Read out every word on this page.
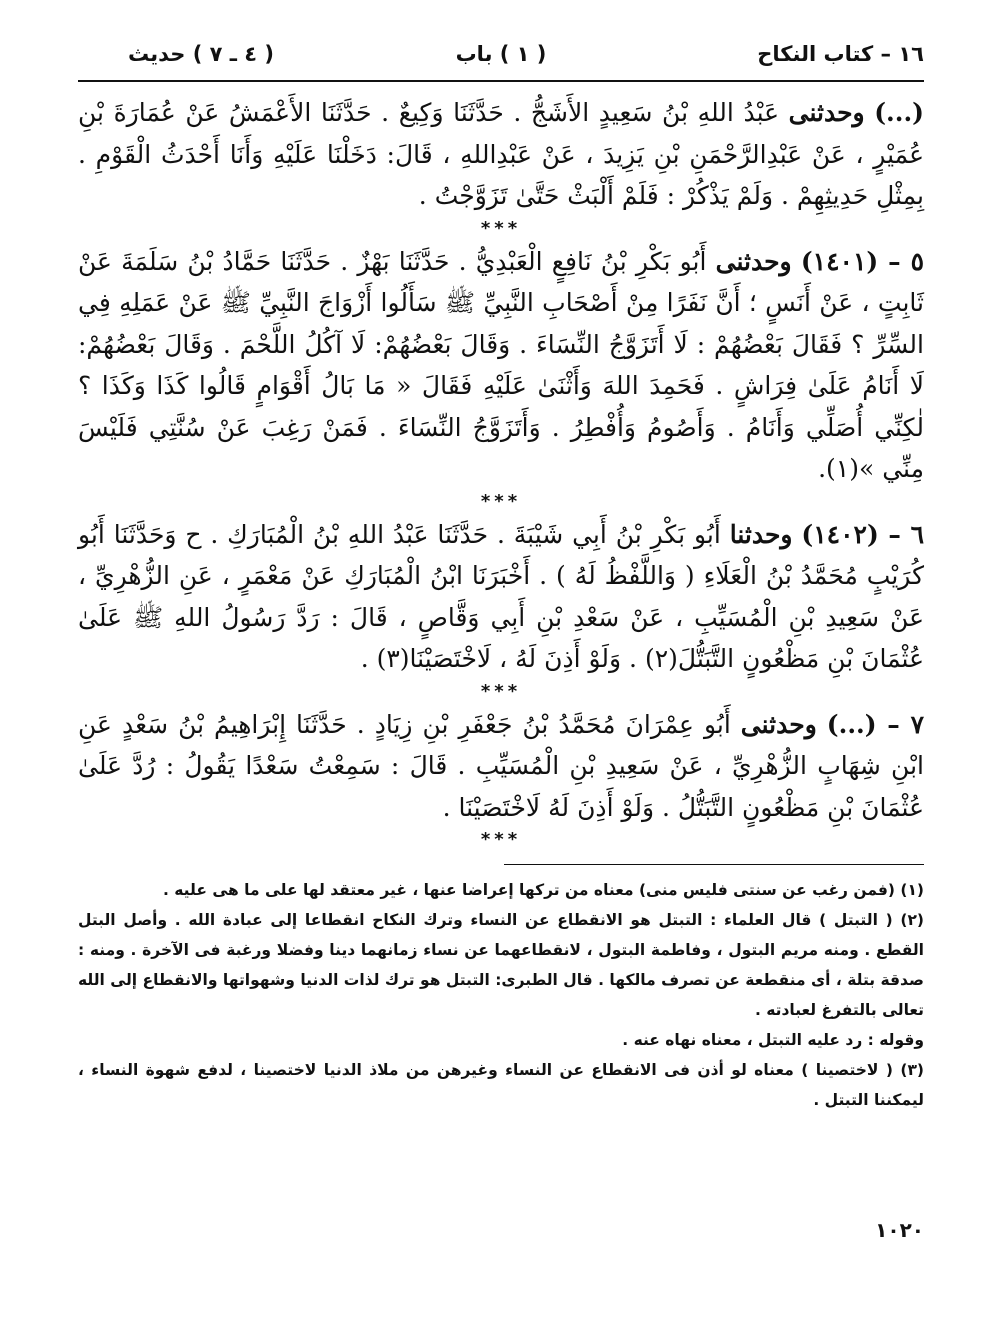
١٦ – كتاب النكاح
( ١ ) باب
( ٤ ـ ٧ ) حديث

(...) وحدثنى عَبْدُ اللهِ بْنُ سَعِيدٍ الأَشَجُّ . حَدَّثَنَا وَكِيعٌ . حَدَّثَنَا الأَعْمَشُ عَنْ عُمَارَةَ بْنِ عُمَيْرٍ ، عَنْ عَبْدِالرَّحْمَنِ بْنِ يَزِيدَ ، عَنْ عَبْدِاللهِ ، قَالَ: دَخَلْنَا عَلَيْهِ وَأَنَا أَحْدَثُ الْقَوْمِ . بِمِثْلِ حَدِيثِهِمْ . وَلَمْ يَذْكُرْ : فَلَمْ أَلْبَثْ حَتَّىٰ تَزَوَّجْتُ .

***

٥ – (١٤٠١) وحدثنى أَبُو بَكْرِ بْنُ نَافِعٍ الْعَبْدِيُّ . حَدَّثَنَا بَهْزٌ . حَدَّثَنَا حَمَّادُ بْنُ سَلَمَةَ عَنْ ثَابِتٍ ، عَنْ أَنَسٍ ؛ أَنَّ نَفَرًا مِنْ أَصْحَابِ النَّبِيِّ ﷺ سَأَلُوا أَزْوَاجَ النَّبِيِّ ﷺ عَنْ عَمَلِهِ فِي السِّرِّ ؟ فَقَالَ بَعْضُهُمْ : لَا أَتَزَوَّجُ النِّسَاءَ . وَقَالَ بَعْضُهُمْ: لَا آكُلُ اللَّحْمَ . وَقَالَ بَعْضُهُمْ: لَا أَنَامُ عَلَىٰ فِرَاشٍ . فَحَمِدَ اللهَ وَأَثْنَىٰ عَلَيْهِ فَقَالَ « مَا بَالُ أَقْوَامٍ قَالُوا كَذَا وَكَذَا ؟ لٰكِنِّي أُصَلِّي وَأَنَامُ . وَأَصُومُ وَأُفْطِرُ . وَأَتَزَوَّجُ النِّسَاءَ . فَمَنْ رَغِبَ عَنْ سُنَّتِي فَلَيْسَ مِنِّي »(١).

***

٦ – (١٤٠٢) وحدثنا أَبُو بَكْرِ بْنُ أَبِي شَيْبَةَ . حَدَّثَنَا عَبْدُ اللهِ بْنُ الْمُبَارَكِ . ح وَحَدَّثَنَا أَبُو كُرَيْبٍ مُحَمَّدُ بْنُ الْعَلَاءِ ( وَاللَّفْظُ لَهُ ) . أَخْبَرَنَا ابْنُ الْمُبَارَكِ عَنْ مَعْمَرٍ ، عَنِ الزُّهْرِيِّ ، عَنْ سَعِيدِ بْنِ الْمُسَيِّبِ ، عَنْ سَعْدِ بْنِ أَبِي وَقَّاصٍ ، قَالَ : رَدَّ رَسُولُ اللهِ ﷺ عَلَىٰ عُثْمَانَ بْنِ مَظْعُونٍ التَّبَتُّلَ(٢) . وَلَوْ أَذِنَ لَهُ ، لَاخْتَصَيْنَا(٣) .

***

٧ – (...) وحدثنى أَبُو عِمْرَانَ مُحَمَّدُ بْنُ جَعْفَرِ بْنِ زِيَادٍ . حَدَّثَنَا إِبْرَاهِيمُ بْنُ سَعْدٍ عَنِ ابْنِ شِهَابٍ الزُّهْرِيِّ ، عَنْ سَعِيدِ بْنِ الْمُسَيِّبِ . قَالَ : سَمِعْتُ سَعْدًا يَقُولُ : رُدَّ عَلَىٰ عُثْمَانَ بْنِ مَظْعُونٍ التَّبَتُّلُ . وَلَوْ أَذِنَ لَهُ لَاخْتَصَيْنَا .

***

(١) (فمن رغب عن سنتى فليس منى) معناه من تركها إعراضا عنها ، غير معتقد لها على ما هى عليه .

(٢) ( التبتل ) قال العلماء : التبتل هو الانقطاع عن النساء وترك النكاح انقطاعا إلى عبادة الله . وأصل البتل القطع . ومنه مريم البتول ، وفاطمة البتول ، لانقطاعهما عن نساء زمانهما دينا وفضلا ورغبة فى الآخرة . ومنه : صدقة بتلة ، أى منقطعة عن تصرف مالكها . قال الطبرى: التبتل هو ترك لذات الدنيا وشهواتها والانقطاع إلى الله تعالى بالتفرغ لعبادته .

وقوله : رد عليه التبتل ، معناه نهاه عنه .

(٣) ( لاختصينا ) معناه لو أذن فى الانقطاع عن النساء وغيرهن من ملاذ الدنيا لاختصينا ، لدفع شهوة النساء ، ليمكننا التبتل .

١٠٢٠
